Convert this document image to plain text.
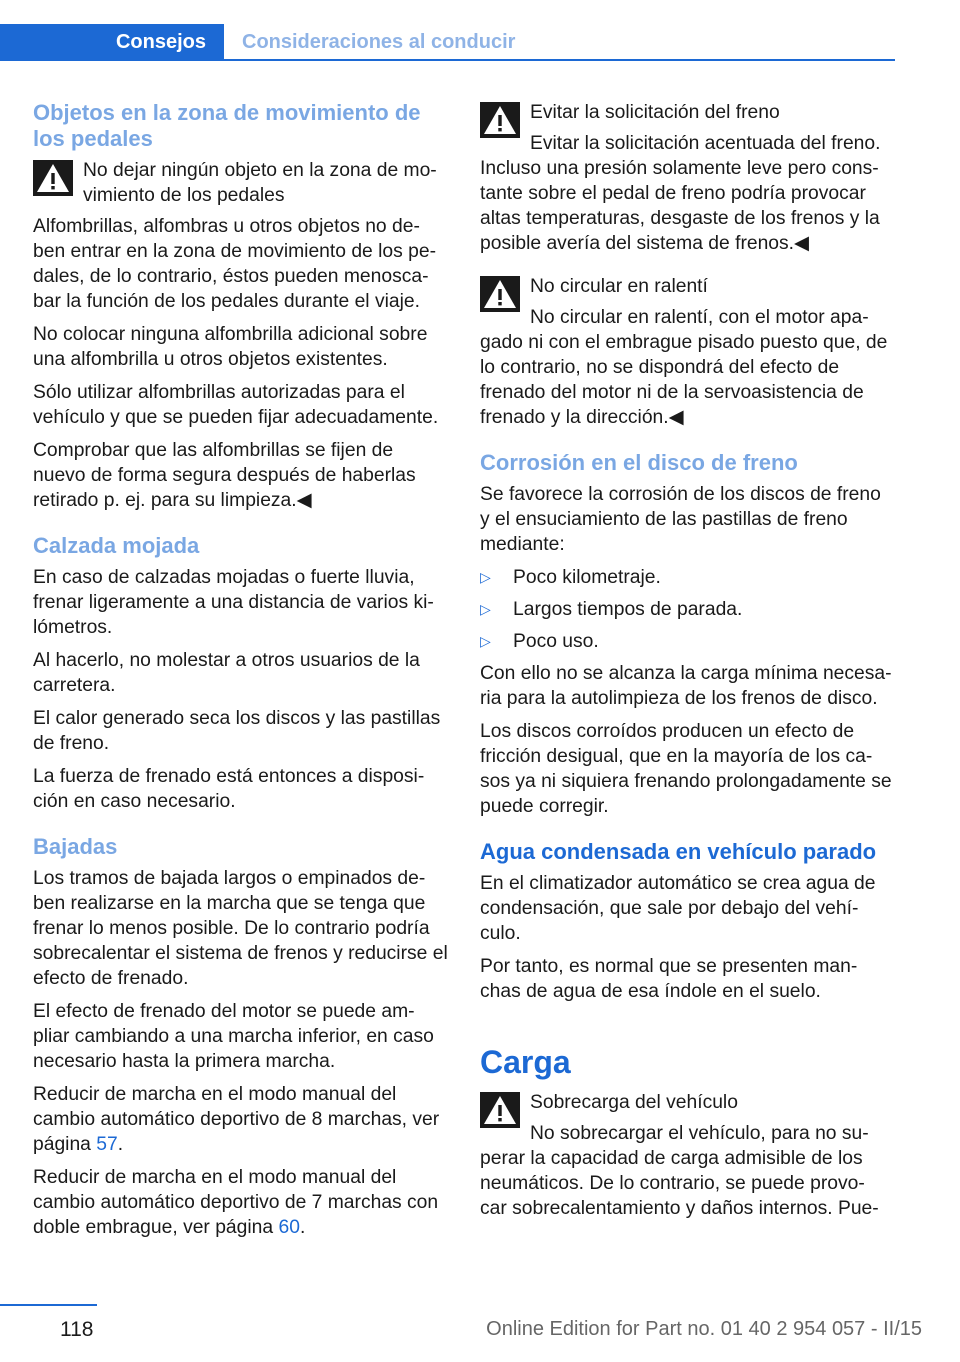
Consejos	Consideraciones al conducir
Objetos en la zona de movimiento de los pedales
No dejar ningún objeto en la zona de mo‐ vimiento de los pedales
Alfombrillas, alfombras u otros objetos no de‐ ben entrar en la zona de movimiento de los pe‐ dales, de lo contrario, éstos pueden menosca‐ bar la función de los pedales durante el viaje.
No colocar ninguna alfombrilla adicional sobre una alfombrilla u otros objetos existentes.
Sólo utilizar alfombrillas autorizadas para el vehículo y que se pueden fijar adecuadamente.
Comprobar que las alfombrillas se fijen de nuevo de forma segura después de haberlas retirado p. ej. para su limpieza.◀
Calzada mojada
En caso de calzadas mojadas o fuerte lluvia, frenar ligeramente a una distancia de varios ki‐ lómetros.
Al hacerlo, no molestar a otros usuarios de la carretera.
El calor generado seca los discos y las pastillas de freno.
La fuerza de frenado está entonces a disposi‐ ción en caso necesario.
Bajadas
Los tramos de bajada largos o empinados de‐ ben realizarse en la marcha que se tenga que frenar lo menos posible. De lo contrario podría sobrecalentar el sistema de frenos y reducirse el efecto de frenado.
El efecto de frenado del motor se puede am‐ pliar cambiando a una marcha inferior, en caso necesario hasta la primera marcha.
Reducir de marcha en el modo manual del cambio automático deportivo de 8 marchas, ver página 57.
Reducir de marcha en el modo manual del cambio automático deportivo de 7 marchas con doble embrague, ver página 60.
Evitar la solicitación del freno
Evitar la solicitación acentuada del freno. Incluso una presión solamente leve pero cons‐ tante sobre el pedal de freno podría provocar altas temperaturas, desgaste de los frenos y la posible avería del sistema de frenos.◀
No circular en ralentí
No circular en ralentí, con el motor apa‐ gado ni con el embrague pisado puesto que, de lo contrario, no se dispondrá del efecto de frenado del motor ni de la servoasistencia de frenado y la dirección.◀
Corrosión en el disco de freno
Se favorece la corrosión de los discos de freno y el ensuciamiento de las pastillas de freno mediante:
▷	Poco kilometraje.
▷	Largos tiempos de parada.
▷	Poco uso.
Con ello no se alcanza la carga mínima necesa‐ ria para la autolimpieza de los frenos de disco.
Los discos corroídos producen un efecto de fricción desigual, que en la mayoría de los ca‐ sos ya ni siquiera frenando prolongadamente se puede corregir.
Agua condensada en vehículo parado
En el climatizador automático se crea agua de condensación, que sale por debajo del vehí‐ culo.
Por tanto, es normal que se presenten man‐ chas de agua de esa índole en el suelo.
Carga
Sobrecarga del vehículo
No sobrecargar el vehículo, para no su‐ perar la capacidad de carga admisible de los neumáticos. De lo contrario, se puede provo‐ car sobrecalentamiento y daños internos. Pue‐
118	Online Edition for Part no. 01 40 2 954 057 - II/15
